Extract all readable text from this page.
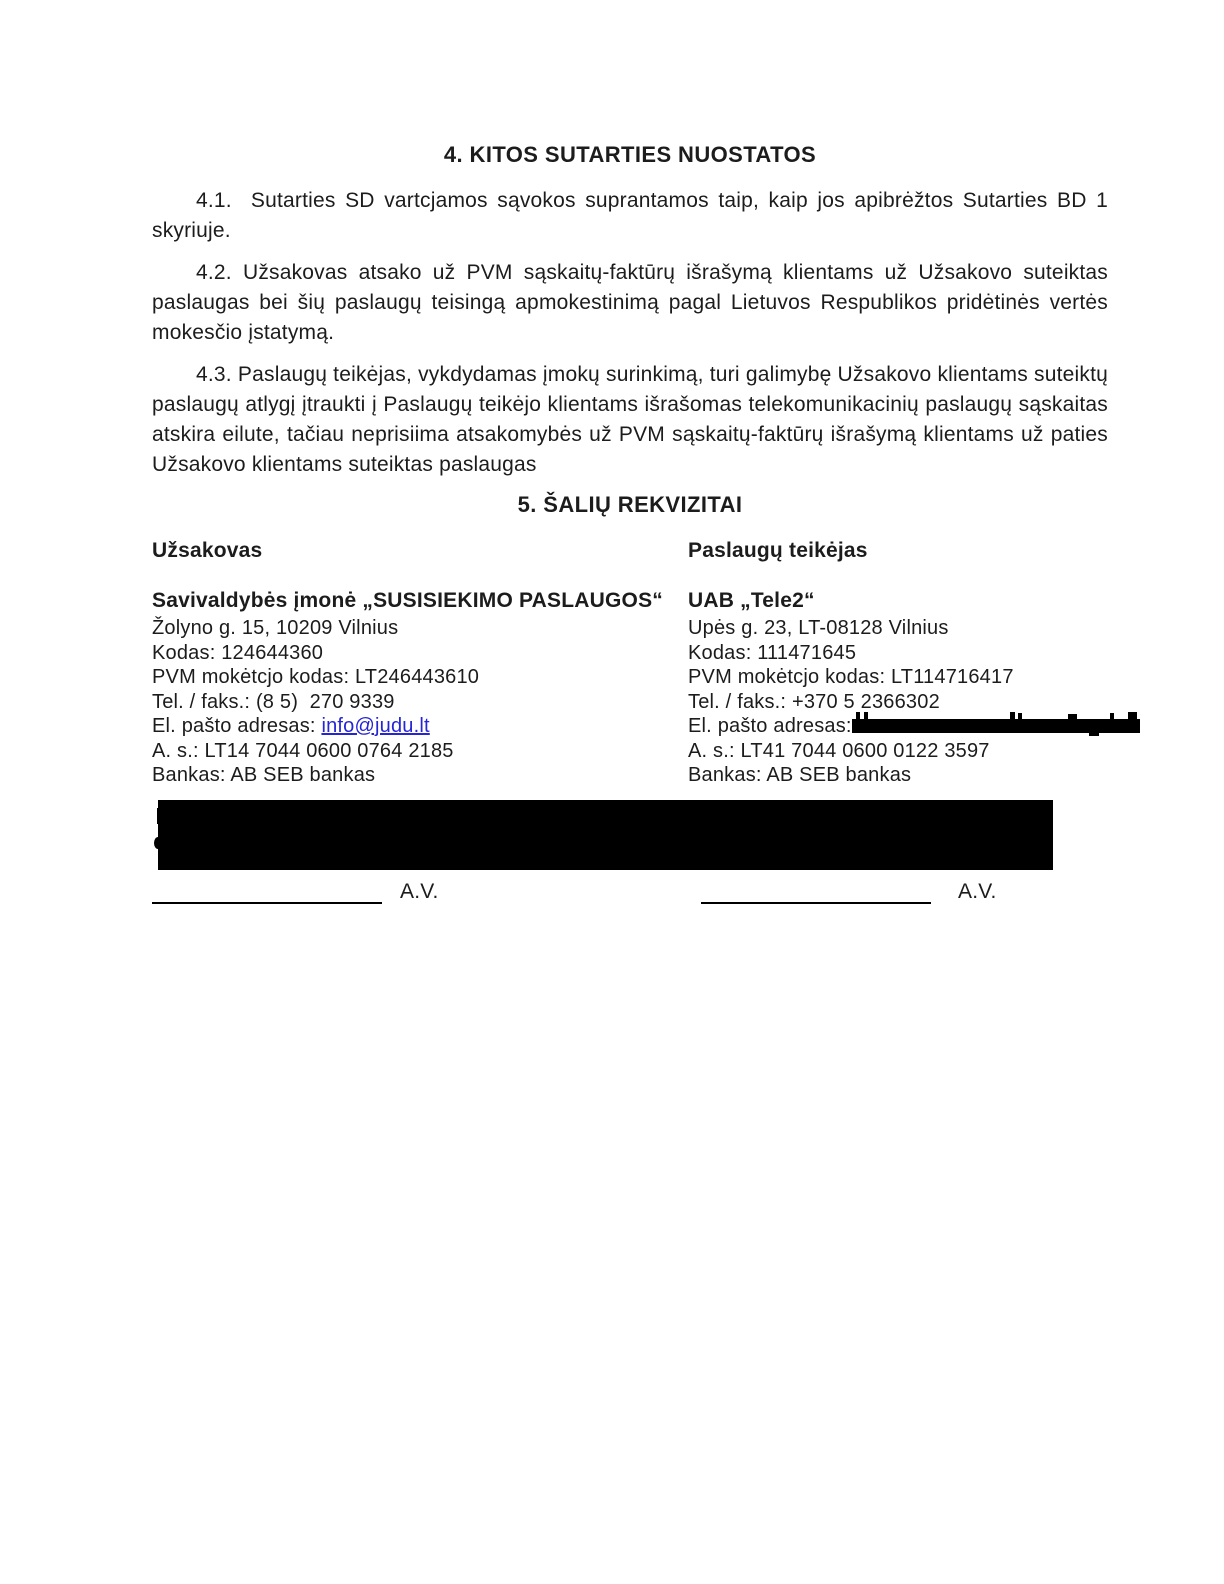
4. KITOS SUTARTIES NUOSTATOS

4.1.  Sutarties SD vartcjamos sąvokos suprantamos taip, kaip jos apibrėžtos Sutarties BD 1 skyriuje.

4.2. Užsakovas atsako už PVM sąskaitų-faktūrų išrašymą klientams už Užsakovo suteiktas paslaugas bei šių paslaugų teisingą apmokestinimą pagal Lietuvos Respublikos pridėtinės vertės mokesčio įstatymą.

4.3. Paslaugų teikėjas, vykdydamas įmokų surinkimą, turi galimybę Užsakovo klientams suteiktų paslaugų atlygį įtraukti į Paslaugų teikėjo klientams išrašomas telekomunikacinių paslaugų sąskaitas atskira eilute, tačiau neprisiima atsakomybės už PVM sąskaitų-faktūrų išrašymą klientams už paties Užsakovo klientams suteiktas paslaugas

5. ŠALIŲ REKVIZITAI
Užsakovas	Paslaugų teikėjas
Savivaldybės įmonė „SUSISIEKIMO PASLAUGOS“
Žolyno g. 15, 10209 Vilnius
Kodas: 124644360
PVM mokėtcjo kodas: LT246443610
Tel. / faks.: (8 5)  270 9339
El. pašto adresas: info@judu.lt
A. s.: LT14 7044 0600 0764 2185
Bankas: AB SEB bankas
UAB „Tele2“
Upės g. 23, LT-08128 Vilnius
Kodas: 111471645
PVM mokėtcjo kodas: LT114716417
Tel. / faks.: +370 5 2366302
El. pašto adresas:
A. s.: LT41 7044 0600 0122 3597
Bankas: AB SEB bankas
A.V.	A.V.
